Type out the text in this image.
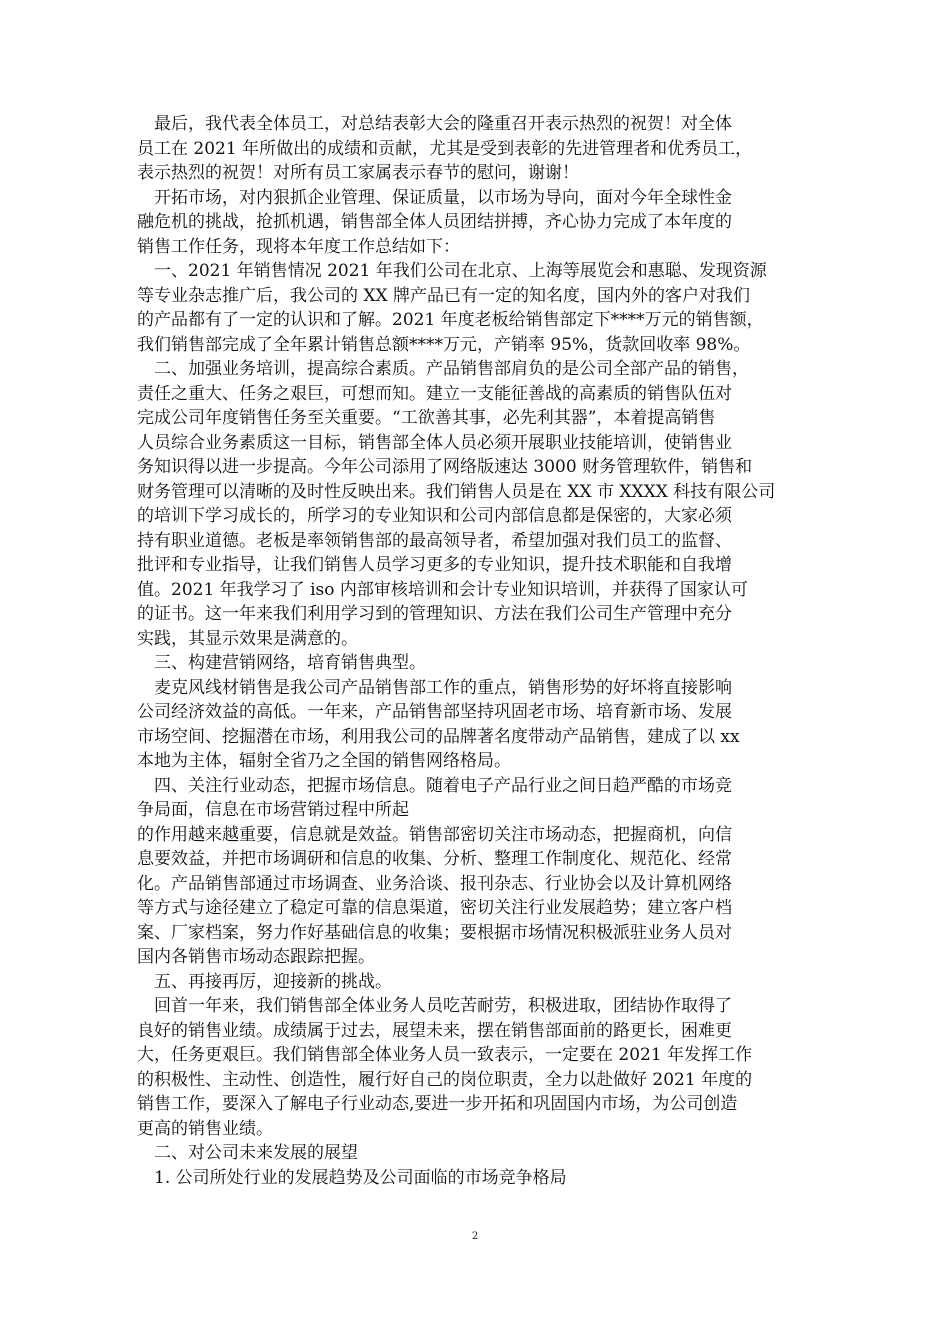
　最后，我代表全体员工，对总结表彰大会的隆重召开表示热烈的祝贺！对全体
员工在 2021 年所做出的成绩和贡献，尤其是受到表彰的先进管理者和优秀员工，
表示热烈的祝贺！对所有员工家属表示春节的慰问，谢谢！
　开拓市场，对内狠抓企业管理、保证质量，以市场为导向，面对今年全球性金
融危机的挑战，抢抓机遇，销售部全体人员团结拼搏，齐心协力完成了本年度的
销售工作任务，现将本年度工作总结如下：
　一、2021 年销售情况 2021 年我们公司在北京、上海等展览会和惠聪、发现资源
等专业杂志推广后，我公司的 XX 牌产品已有一定的知名度，国内外的客户对我们
的产品都有了一定的认识和了解。2021 年度老板给销售部定下****万元的销售额，
我们销售部完成了全年累计销售总额****万元，产销率 95%，货款回收率 98%。
　二、加强业务培训，提高综合素质。产品销售部肩负的是公司全部产品的销售，
责任之重大、任务之艰巨，可想而知。建立一支能征善战的高素质的销售队伍对
完成公司年度销售任务至关重要。“工欲善其事，必先利其器”，本着提高销售
人员综合业务素质这一目标，销售部全体人员必须开展职业技能培训，使销售业
务知识得以进一步提高。今年公司添用了网络版速达 3000 财务管理软件，销售和
财务管理可以清晰的及时性反映出来。我们销售人员是在 XX 市 XXXX 科技有限公司
的培训下学习成长的，所学习的专业知识和公司内部信息都是保密的，大家必须
持有职业道德。老板是率领销售部的最高领导者，希望加强对我们员工的监督、
批评和专业指导，让我们销售人员学习更多的专业知识，提升技术职能和自我增
值。2021 年我学习了 iso 内部审核培训和会计专业知识培训，并获得了国家认可
的证书。这一年来我们利用学习到的管理知识、方法在我们公司生产管理中充分
实践，其显示效果是满意的。
　三、构建营销网络，培育销售典型。
　麦克风线材销售是我公司产品销售部工作的重点，销售形势的好坏将直接影响
公司经济效益的高低。一年来，产品销售部坚持巩固老市场、培育新市场、发展
市场空间、挖掘潜在市场，利用我公司的品牌著名度带动产品销售，建成了以 xx
本地为主体，辐射全省乃之全国的销售网络格局。
　四、关注行业动态，把握市场信息。随着电子产品行业之间日趋严酷的市场竞
争局面，信息在市场营销过程中所起
的作用越来越重要，信息就是效益。销售部密切关注市场动态，把握商机，向信
息要效益，并把市场调研和信息的收集、分析、整理工作制度化、规范化、经常
化。产品销售部通过市场调查、业务洽谈、报刊杂志、行业协会以及计算机网络
等方式与途径建立了稳定可靠的信息渠道，密切关注行业发展趋势；建立客户档
案、厂家档案，努力作好基础信息的收集；要根据市场情况积极派驻业务人员对
国内各销售市场动态跟踪把握。
　五、再接再厉，迎接新的挑战。
　回首一年来，我们销售部全体业务人员吃苦耐劳，积极进取，团结协作取得了
良好的销售业绩。成绩属于过去，展望未来，摆在销售部面前的路更长，困难更
大，任务更艰巨。我们销售部全体业务人员一致表示，一定要在 2021 年发挥工作
的积极性、主动性、创造性，履行好自己的岗位职责，全力以赴做好 2021 年度的
销售工作，要深入了解电子行业动态,要进一步开拓和巩固国内市场，为公司创造
更高的销售业绩。
　二、对公司未来发展的展望
　1. 公司所处行业的发展趋势及公司面临的市场竞争格局
2
